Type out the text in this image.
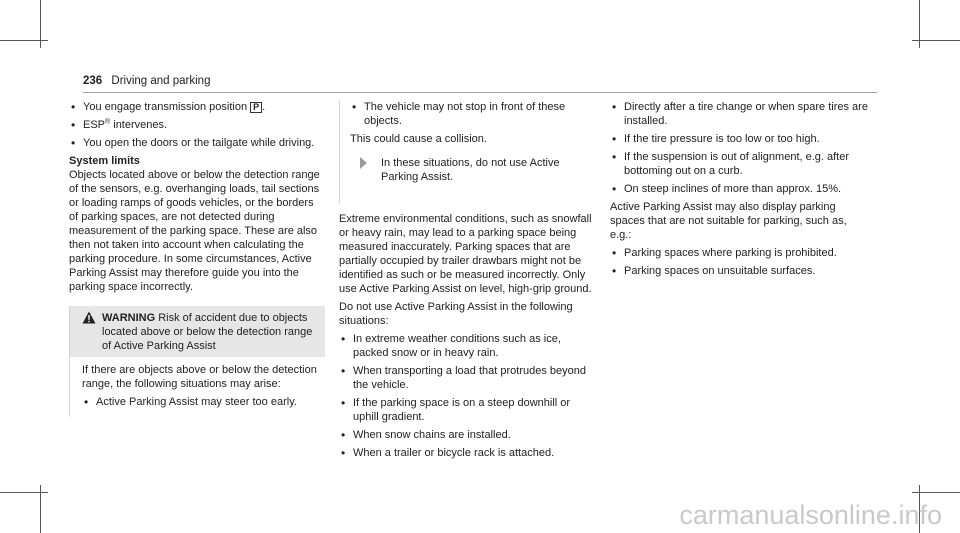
236 Driving and parking
• You engage transmission position P .
• ESP® intervenes.
• You open the doors or the tailgate while driving.

System limits

Objects located above or below the detection range of the sensors, e.g. overhanging loads, tail sections or loading ramps of goods vehicles, or the borders of parking spaces, are not detected during measurement of the parking space. These are also then not taken into account when calculating the parking procedure. In some circumstances, Active Parking Assist may therefore guide you into the parking space incorrectly.

WARNING Risk of accident due to objects located above or below the detection range of Active Parking Assist

If there are objects above or below the detection range, the following situations may arise:

• Active Parking Assist may steer too early.
• The vehicle may not stop in front of these objects.

This could cause a collision.

In these situations, do not use Active Parking Assist.

Extreme environmental conditions, such as snowfall or heavy rain, may lead to a parking space being measured inaccurately. Parking spaces that are partially occupied by trailer drawbars might not be identified as such or be measured incorrectly. Only use Active Parking Assist on level, high-grip ground.

Do not use Active Parking Assist in the following situations:

• In extreme weather conditions such as ice, packed snow or in heavy rain.
• When transporting a load that protrudes beyond the vehicle.
• If the parking space is on a steep downhill or uphill gradient.
• When snow chains are installed.
• When a trailer or bicycle rack is attached.
• Directly after a tire change or when spare tires are installed.
• If the tire pressure is too low or too high.
• If the suspension is out of alignment, e.g. after bottoming out on a curb.
• On steep inclines of more than approx. 15%.

Active Parking Assist may also display parking spaces that are not suitable for parking, such as, e.g.:

• Parking spaces where parking is prohibited.
• Parking spaces on unsuitable surfaces.
carmanualsonline.info
